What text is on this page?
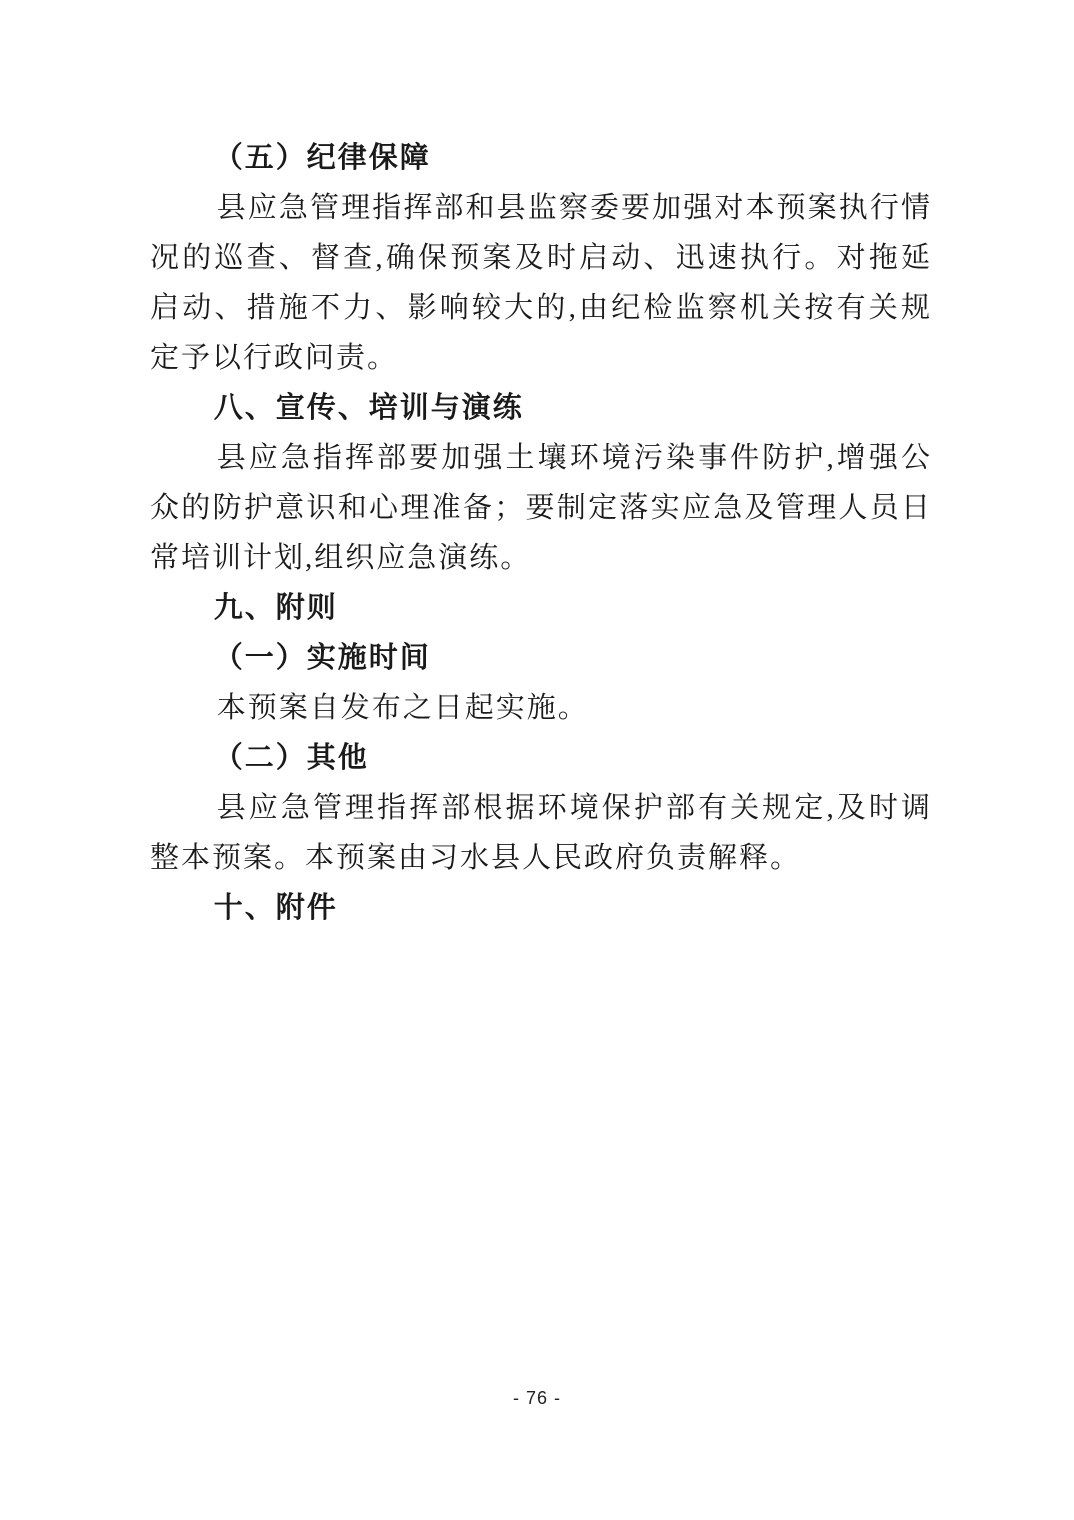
（五）纪律保障

县应急管理指挥部和县监察委要加强对本预案执行情况的巡查、督查,确保预案及时启动、迅速执行。对拖延启动、措施不力、影响较大的,由纪检监察机关按有关规定予以行政问责。

八、宣传、培训与演练

县应急指挥部要加强土壤环境污染事件防护,增强公众的防护意识和心理准备；要制定落实应急及管理人员日常培训计划,组织应急演练。

九、附则
（一）实施时间

本预案自发布之日起实施。

（二）其他

县应急管理指挥部根据环境保护部有关规定,及时调整本预案。本预案由习水县人民政府负责解释。

十、附件
- 76 -
